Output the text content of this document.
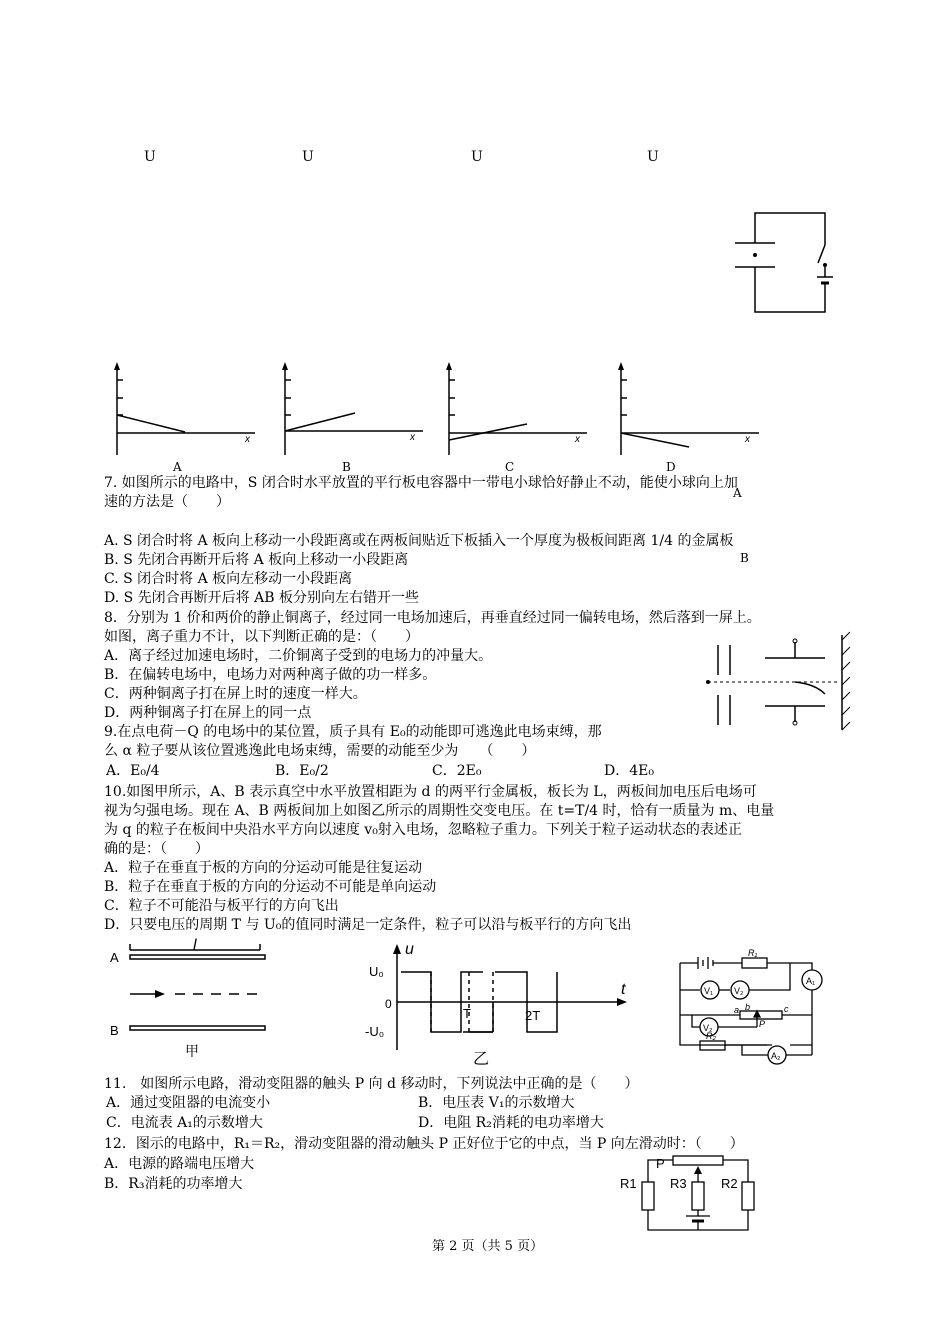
U	U	U	U
x
A
x
B
x
C
x
D
7. 如图所示的电路中，S 闭合时水平放置的平行板电容器中一带电小球恰好静止不动，能使小球向上加
A
速的方法是（　　）
A. S 闭合时将 A 板向上移动一小段距离或在两板间贴近下板插入一个厚度为极板间距离 1/4 的金属板
B
B. S 先闭合再断开后将 A 板向上移动一小段距离
C. S 闭合时将 A 板向左移动一小段距离
D. S 先闭合再断开后将 AB 板分别向左右错开一些
8．分别为 1 价和两价的静止铜离子，经过同一电场加速后，再垂直经过同一偏转电场，然后落到一屏上。
如图，离子重力不计，以下判断正确的是：（　　）
A．离子经过加速电场时，二价铜离子受到的电场力的冲量大。
B．在偏转电场中，电场力对两种离子做的功一样多。
C．两种铜离子打在屏上时的速度一样大。
D．两种铜离子打在屏上的同一点
9.在点电荷－Q 的电场中的某位置，质子具有 E₀的动能即可逃逸此电场束缚，那
么 α 粒子要从该位置逃逸此电场束缚，需要的动能至少为　　（　　）
A．E₀/4	B．E₀/2	C．2E₀	D．4E₀
10.如图甲所示，A、B 表示真空中水平放置相距为 d 的两平行金属板，板长为 L，两板间加电压后电场可
视为匀强电场。现在 A、B 两板间加上如图乙所示的周期性交变电压。在 t=T/4 时，恰有一质量为 m、电量
为 q 的粒子在板间中央沿水平方向以速度 v₀射入电场，忽略粒子重力。下列关于粒子运动状态的表述正
确的是：（　　）
A．粒子在垂直于板的方向的分运动可能是往复运动
B．粒子在垂直于板的方向的分运动不可能是单向运动
C．粒子不可能沿与板平行的方向飞出
D．只要电压的周期 T 与 U₀的值同时满足一定条件，粒子可以沿与板平行的方向飞出
l
A
B
甲
u
U₀
-U₀
0
T	2T
t
乙
R₁
V₁ V₂
A₁
a b	c
P
V₂
R₂
A₂
11.　如图所示电路，滑动变阻器的触头 P 向 d 移动时，下列说法中正确的是（　　）
A．通过变阻器的电流变小	B．电压表 V₁的示数增大
C．电流表 A₁的示数增大	D．电阻 R₂消耗的电功率增大
12．图示的电路中，R₁＝R₂，滑动变阻器的滑动触头 P 正好位于它的中点，当 P 向左滑动时：（　　）
A．电源的路端电压增大
B．R₃消耗的功率增大
P
R1	R3	R2
第 2 页（共 5 页）
